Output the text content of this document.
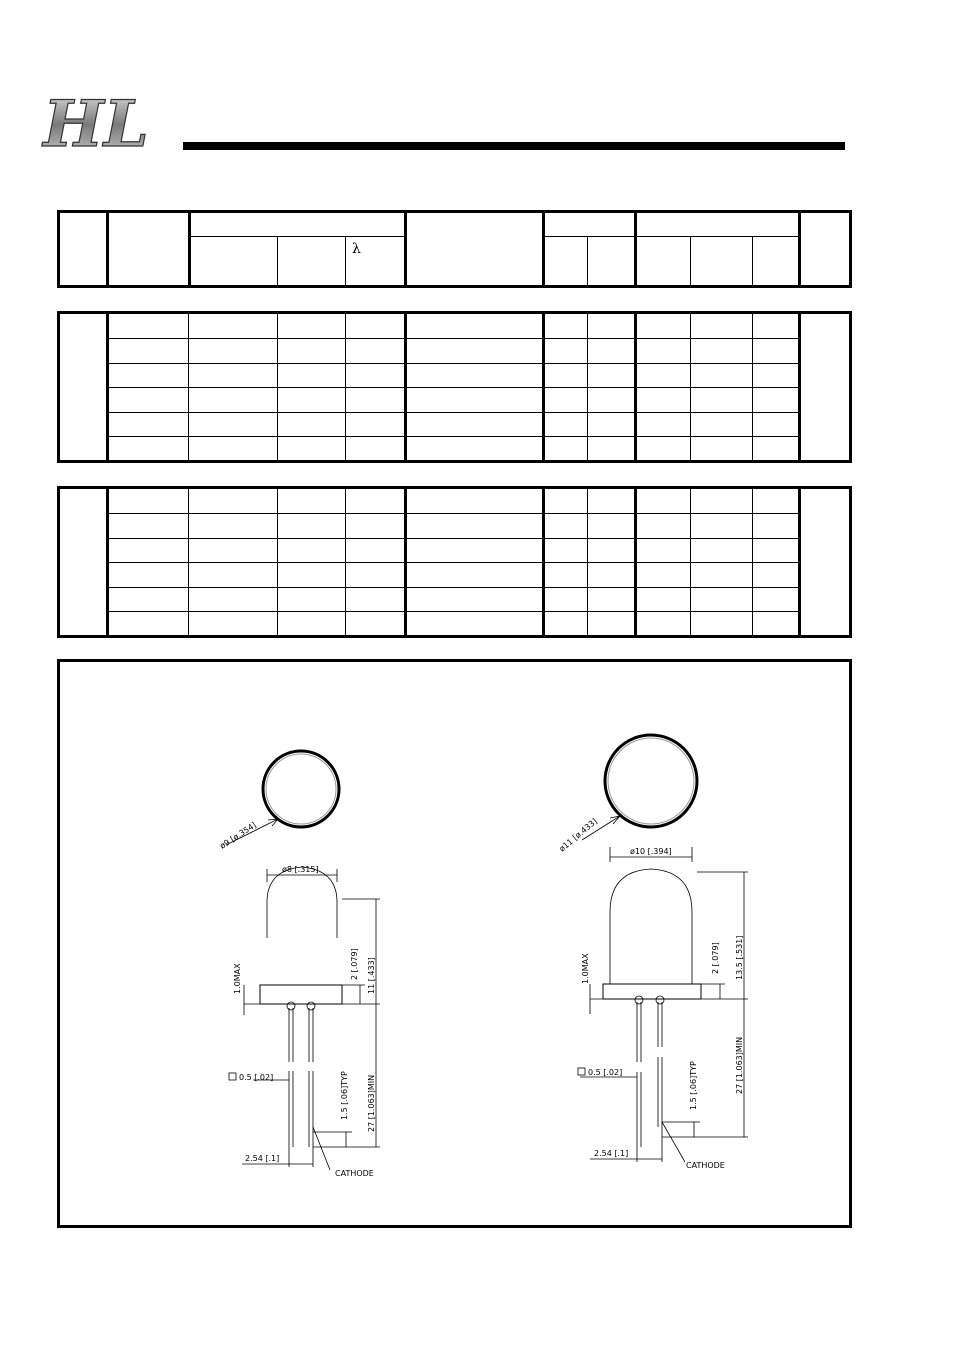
HL
λ
ø9 [ø.354]
ø8 [.315]
1.0MAX	2 [.079] 11 [.433]
0.5 [.02]	1.5 [.06]TYP 27 [1.063]MIN
2.54 [.1]
CATHODE
ø11 [ø.433]	ø10 [.394]
1.0MAX	2 [.079] 13.5 [.531]
0.5 [.02]	1.5 [.06]TYP	27 [1.063]MIN
2.54 [.1]
CATHODE
